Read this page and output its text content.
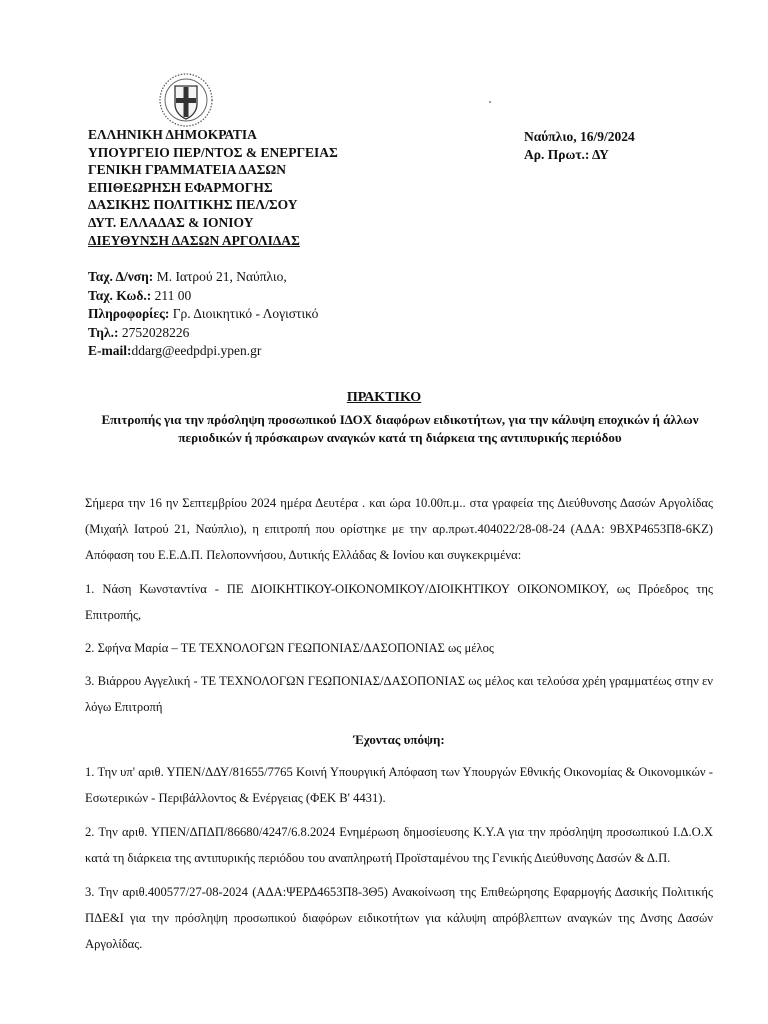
ΕΛΛΗΝΙΚΗ ΔΗΜΟΚΡΑΤΙΑ
ΥΠΟΥΡΓΕΙΟ ΠΕΡ/ΝΤΟΣ & ΕΝΕΡΓΕΙΑΣ
ΓΕΝΙΚΗ ΓΡΑΜΜΑΤΕΙΑ ΔΑΣΩΝ
ΕΠΙΘΕΩΡΗΣΗ ΕΦΑΡΜΟΓΗΣ
ΔΑΣΙΚΗΣ ΠΟΛΙΤΙΚΗΣ ΠΕΛ/ΣΟΥ
ΔΥΤ. ΕΛΛΑΔΑΣ & ΙΟΝΙΟΥ
ΔΙΕΥΘΥΝΣΗ ΔΑΣΩΝ ΑΡΓΟΛΙΔΑΣ
Ναύπλιο, 16/9/2024
Αρ. Πρωτ.: ΔΥ
Ταχ. Δ/νση: Μ. Ιατρού 21, Ναύπλιο,
Ταχ. Κωδ.: 211 00
Πληροφορίες: Γρ. Διοικητικό - Λογιστικό
Τηλ.: 2752028226
E-mail:ddarg@eedpdpi.ypen.gr
ΠΡΑΚΤΙΚΟ
Επιτροπής για την πρόσληψη προσωπικού ΙΔΟΧ διαφόρων ειδικοτήτων, για την κάλυψη εποχικών ή άλλων περιοδικών ή πρόσκαιρων αναγκών κατά τη διάρκεια της αντιπυρικής περιόδου

Σήμερα την 16 ην Σεπτεμβρίου 2024 ημέρα Δευτέρα . και ώρα 10.00π.μ.. στα γραφεία της Διεύθυνσης Δασών Αργολίδας (Μιχαήλ Ιατρού 21, Ναύπλιο), η επιτροπή που ορίστηκε με την αρ.πρωτ.404022/28-08-24 (ΑΔΑ: 9ΒΧΡ4653Π8-6ΚΖ) Απόφαση του Ε.Ε.Δ.Π. Πελοποννήσου, Δυτικής Ελλάδας & Ιονίου και συγκεκριμένα:

1. Νάση Κωνσταντίνα - ΠΕ ΔΙΟΙΚΗΤΙΚΟΥ-ΟΙΚΟΝΟΜΙΚΟΥ/ΔΙΟΙΚΗΤΙΚΟΥ ΟΙΚΟΝΟΜΙΚΟΥ, ως Πρόεδρος της Επιτροπής,

2. Σφήνα Μαρία – ΤΕ ΤΕΧΝΟΛΟΓΩΝ ΓΕΩΠΟΝΙΑΣ/ΔΑΣΟΠΟΝΙΑΣ ως μέλος

3. Βιάρρου Αγγελική - ΤΕ ΤΕΧΝΟΛΟΓΩΝ ΓΕΩΠΟΝΙΑΣ/ΔΑΣΟΠΟΝΙΑΣ ως μέλος και τελούσα χρέη γραμματέως στην εν λόγω Επιτροπή

Έχοντας υπόψη:

1. Την υπ' αριθ. ΥΠΕΝ/ΔΔΥ/81655/7765 Κοινή Υπουργική Απόφαση των Υπουργών Εθνικής Οικονομίας & Οικονομικών - Εσωτερικών - Περιβάλλοντος & Ενέργειας (ΦΕΚ Β' 4431).

2. Την αριθ. ΥΠΕΝ/ΔΠΔΠ/86680/4247/6.8.2024 Ενημέρωση δημοσίευσης Κ.Υ.Α για την πρόσληψη προσωπικού Ι.Δ.Ο.Χ κατά τη διάρκεια της αντιπυρικής περιόδου του αναπληρωτή Προϊσταμένου της Γενικής Διεύθυνσης Δασών & Δ.Π.

3. Την αριθ.400577/27-08-2024 (ΑΔΑ:ΨΕΡΔ4653Π8-3Θ5) Ανακοίνωση της Επιθεώρησης Εφαρμογής Δασικής Πολιτικής ΠΔΕ&Ι για την πρόσληψη προσωπικού διαφόρων ειδικοτήτων για κάλυψη απρόβλεπτων αναγκών της Δνσης Δασών Αργολίδας.
